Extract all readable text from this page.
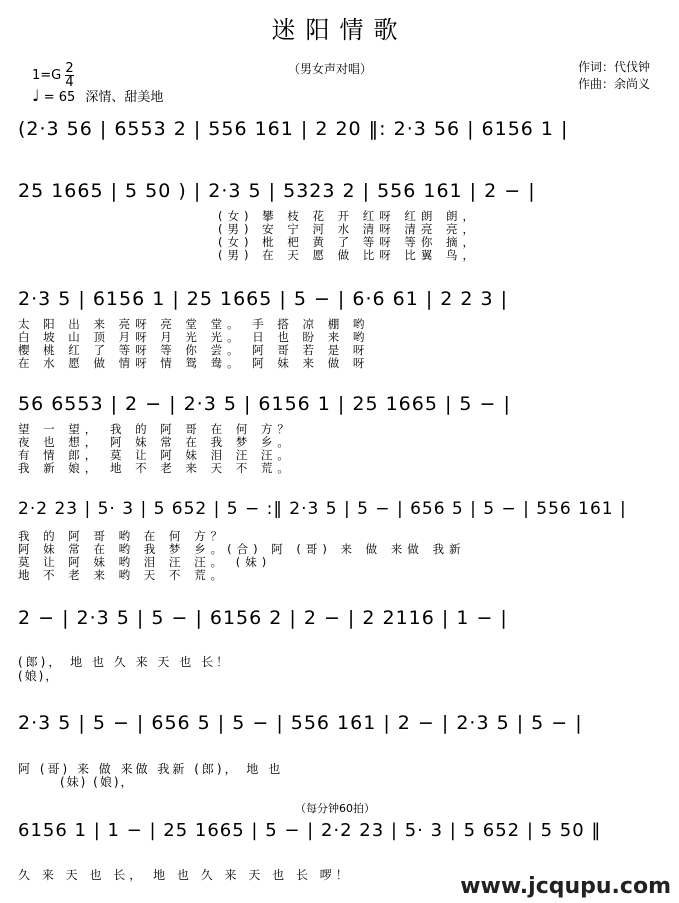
迷阳情歌
（男女声对唱）	作词：代伐钟
作曲：余尚义
$1=G \frac{2}{4}$
♩ = 65 深情、甜美地
(2·3 56 | 6553 2 | 556 161 | 2 20 ‖: 2·3 56 | 6156 1 |
25 1665 | 5 50 ) | 2·3 5 | 5323 2 | 556 161 | 2 − |
(女) 攀 枝 花 开 红呀 红朗 朗，
(男) 安 宁 河 水 清呀 清亮 亮，
(女) 枇 杷 黄 了 等呀 等你 摘，
(男) 在 天 愿 做 比呀 比翼 鸟，
2·3 5 | 6156 1 | 25 1665 | 5 − | 6·6 61 | 2 2 3 |
太 阳 出 来 亮呀 亮 堂 堂。 手 搭 凉 棚 哟
白 坡 山 顶 月呀 月 光 光。 日 也 盼 来 哟
樱 桃 红 了 等呀 等 你 尝。 阿 哥 若 是 呀
在 水 愿 做 情呀 情 鸳 鸯。 阿 妹 来 做 呀
56 6553 | 2 − | 2·3 5 | 6156 1 | 25 1665 | 5 − |
望 一 望， 我 的 阿 哥 在 何 方？
夜 也 想， 阿 妹 常 在 我 梦 乡。
有 情 郎， 莫 让 阿 妹 泪 汪 汪。
我 新 娘， 地 不 老 来 天 不 荒。
2·2 23 | 5· 3 | 5 652 | 5 − :‖ 2·3 5 | 5 − | 656 5 | 5 − | 556 161 |
我 的 阿 哥 哟 在 何 方？
阿 妹 常 在 哟 我 梦 乡。(合) 阿 (哥) 来 做 来做 我新
莫 让 阿 妹 哟 泪 汪 汪。 (妹)
地 不 老 来 哟 天 不 荒。
2 − | 2·3 5 | 5 − | 6156 2 | 2 − | 2 2116 | 1 − |
(郎)， 地 也 久 来 天 也 长！
(娘)，
2·3 5 | 5 − | 656 5 | 5 − | 556 161 | 2 − | 2·3 5 | 5 − |
阿 (哥) 来 做 来做 我新 (郎)， 地 也
(妹) (娘)，
（每分钟60拍）
6156 1 | 1 − | 25 1665 | 5 − | 2·2 23 | 5· 3 | 5 652 | 5 50 ‖
久 来 天 也 长， 地 也 久 来 天 也 长 啰！	www.jcqupu.com
